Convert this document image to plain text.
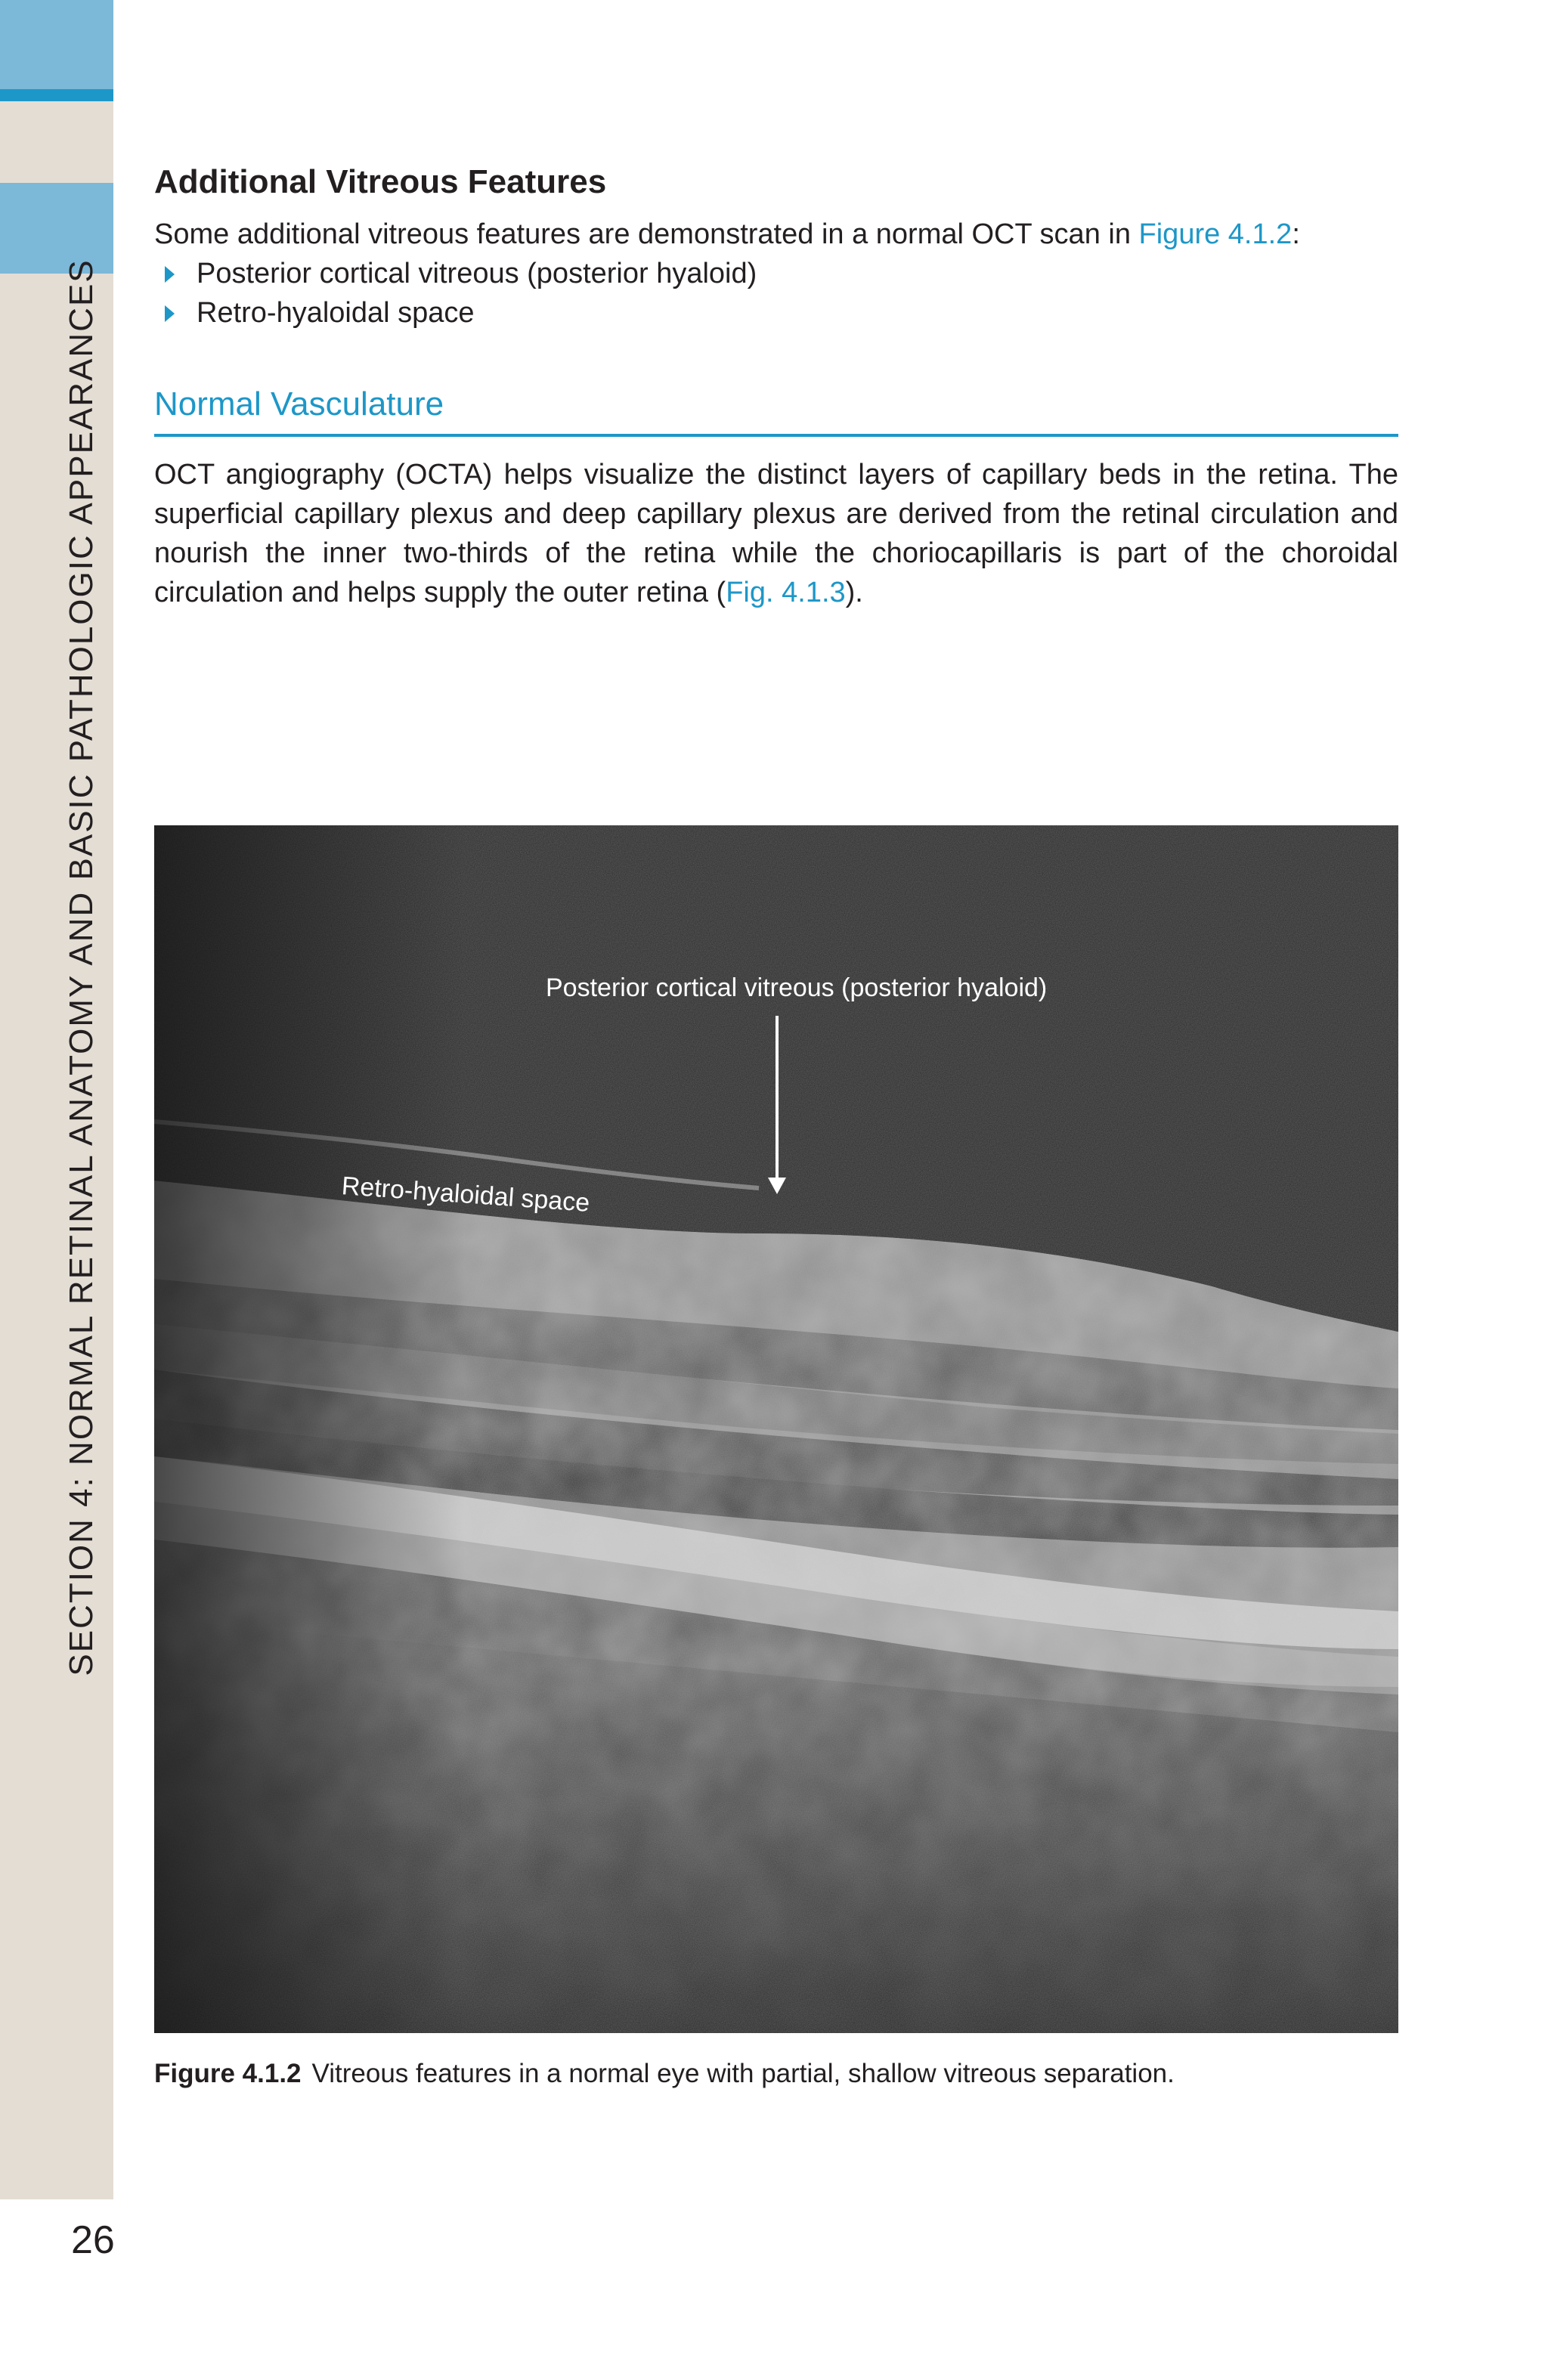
SECTION 4: NORMAL RETINAL ANATOMY AND BASIC PATHOLOGIC APPEARANCES
26
Additional Vitreous Features

Some additional vitreous features are demonstrated in a normal OCT scan in Figure 4.1.2:

Posterior cortical vitreous (posterior hyaloid)
Retro-hyaloidal space
Normal Vasculature

OCT angiography (OCTA) helps visualize the distinct layers of capillary beds in the retina. The superficial capillary plexus and deep capillary plexus are derived from the retinal circulation and nourish the inner two-thirds of the retina while the choriocapillaris is part of the choroidal circulation and helps supply the outer retina (Fig. 4.1.3).

Posterior cortical vitreous (posterior hyaloid)
Retro-hyaloidal space

Figure 4.1.2 Vitreous features in a normal eye with partial, shallow vitreous separation.
